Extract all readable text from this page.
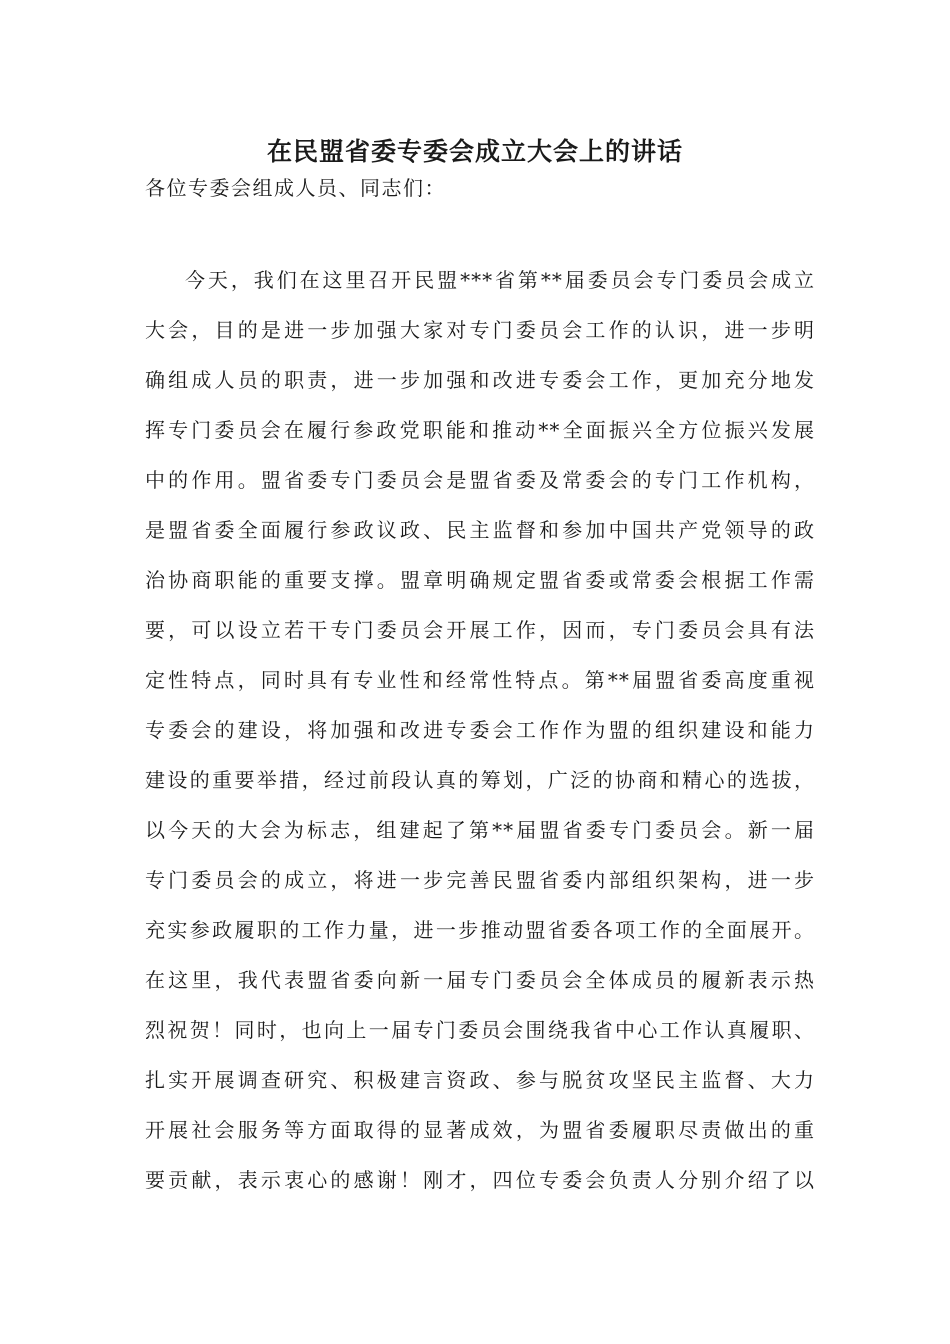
在民盟省委专委会成立大会上的讲话

各位专委会组成人员、同志们：

今天，我们在这里召开民盟***省第**届委员会专门委员会成立
大会，目的是进一步加强大家对专门委员会工作的认识，进一步明
确组成人员的职责，进一步加强和改进专委会工作，更加充分地发
挥专门委员会在履行参政党职能和推动**全面振兴全方位振兴发展
中的作用。盟省委专门委员会是盟省委及常委会的专门工作机构，
是盟省委全面履行参政议政、民主监督和参加中国共产党领导的政
治协商职能的重要支撑。盟章明确规定盟省委或常委会根据工作需
要，可以设立若干专门委员会开展工作，因而，专门委员会具有法
定性特点，同时具有专业性和经常性特点。第**届盟省委高度重视
专委会的建设，将加强和改进专委会工作作为盟的组织建设和能力
建设的重要举措，经过前段认真的筹划，广泛的协商和精心的选拔，
以今天的大会为标志，组建起了第**届盟省委专门委员会。新一届
专门委员会的成立，将进一步完善民盟省委内部组织架构，进一步
充实参政履职的工作力量，进一步推动盟省委各项工作的全面展开。
在这里，我代表盟省委向新一届专门委员会全体成员的履新表示热
烈祝贺！同时，也向上一届专门委员会围绕我省中心工作认真履职、
扎实开展调查研究、积极建言资政、参与脱贫攻坚民主监督、大力
开展社会服务等方面取得的显著成效，为盟省委履职尽责做出的重
要贡献，表示衷心的感谢！刚才，四位专委会负责人分别介绍了以
